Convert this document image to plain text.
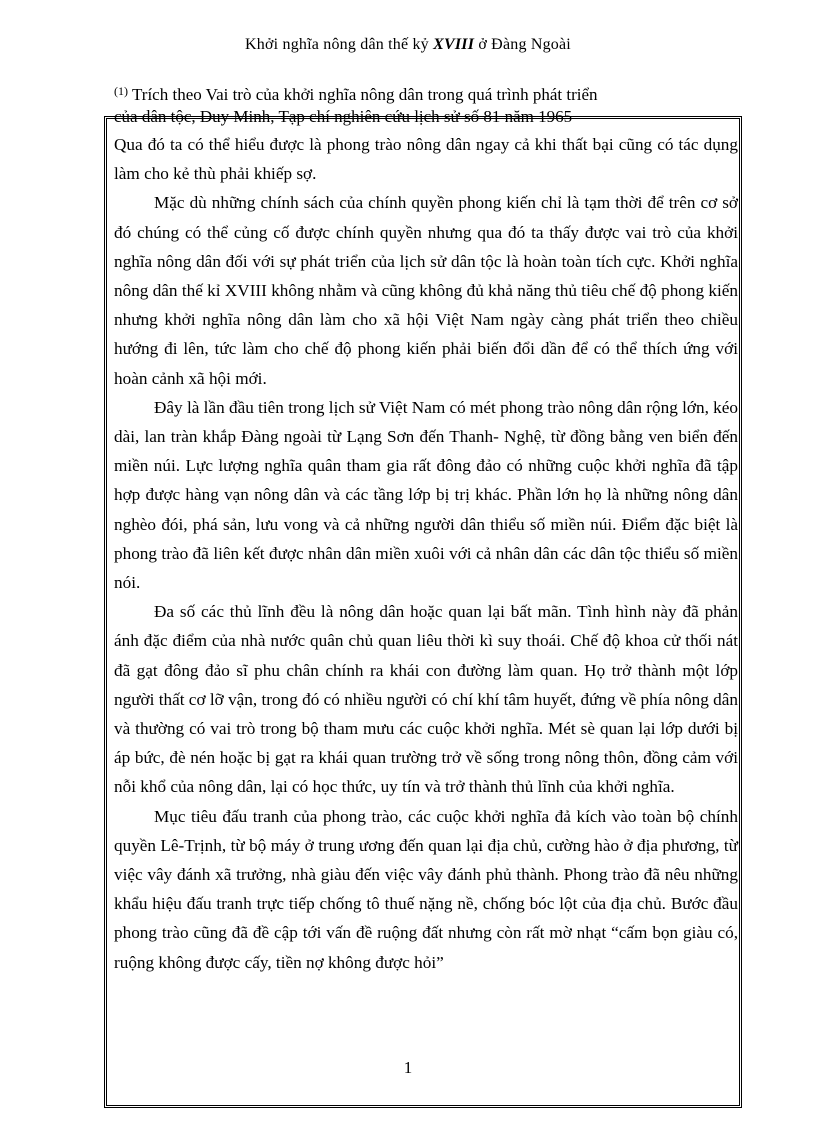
Khởi nghĩa nông dân thế kỷ XVIII ở Đàng Ngoài
$^{(1)}$ Trích theo Vai trò của khởi nghĩa nông dân trong quá trình phát triển
của dân tộc, Duy Minh, Tạp chí nghiên cứu lịch sử số 81 năm 1965

Qua đó ta có thể hiểu được là phong trào nông dân ngay cả khi thất bại cũng có tác dụng làm cho kẻ thù phải khiếp sợ.

Mặc dù những chính sách của chính quyền phong kiến chỉ là tạm thời để trên cơ sở đó chúng có thể củng cố được chính quyền nhưng qua đó ta thấy được vai trò của khởi nghĩa nông dân đối với sự phát triển của lịch sử dân tộc là hoàn toàn tích cực. Khởi nghĩa nông dân thế kỉ XVIII không nhằm và cũng không đủ khả năng thủ tiêu chế độ phong kiến nhưng khởi nghĩa nông dân làm cho xã hội Việt Nam ngày càng phát triển theo chiều hướng đi lên, tức làm cho chế độ phong kiến phải biến đổi dần để có thể thích ứng với hoàn cảnh xã hội mới.

Đây là lần đầu tiên trong lịch sử Việt Nam có mét phong trào nông dân rộng lớn, kéo dài, lan tràn khắp Đàng ngoài từ Lạng Sơn đến Thanh- Nghệ, từ đồng bằng ven biển đến miền núi. Lực lượng nghĩa quân tham gia rất đông đảo có những cuộc khởi nghĩa đã tập hợp được hàng vạn nông dân và các tầng lớp bị trị khác. Phần lớn họ là những nông dân nghèo đói, phá sản, lưu vong và cả những người dân thiểu số miền núi. Điểm đặc biệt là phong trào đã liên kết được nhân dân miền xuôi với cả nhân dân các dân tộc thiểu số miền nói.

Đa số các thủ lĩnh đều là nông dân hoặc quan lại bất mãn. Tình hình này đã phản ánh đặc điểm của nhà nước quân chủ quan liêu thời kì suy thoái. Chế độ khoa cử thối nát đã gạt đông đảo sĩ phu chân chính ra khái con đường làm quan. Họ trở thành một lớp người thất cơ lỡ vận, trong đó có nhiều người có chí khí tâm huyết, đứng về phía nông dân và thường có vai trò trong bộ tham mưu các cuộc khởi nghĩa. Mét sè quan lại lớp dưới bị áp bức, đè nén hoặc bị gạt ra khái quan trường trở về sống trong nông thôn, đồng cảm với nỗi khổ của nông dân, lại có học thức, uy tín và trở thành thủ lĩnh của khởi nghĩa.

Mục tiêu đấu tranh của phong trào, các cuộc khởi nghĩa đả kích vào toàn bộ chính quyền Lê-Trịnh, từ bộ máy ở trung ương đến quan lại địa chủ, cường hào ở địa phương, từ việc vây đánh xã trưởng, nhà giàu đến việc vây đánh phủ thành. Phong trào đã nêu những khẩu hiệu đấu tranh trực tiếp chống tô thuế nặng nề, chống bóc lột của địa chủ. Bước đầu phong trào cũng đã đề cập tới vấn đề ruộng đất nhưng còn rất mờ nhạt “cấm bọn giàu có, ruộng không được cấy, tiền nợ không được hỏi”

1
